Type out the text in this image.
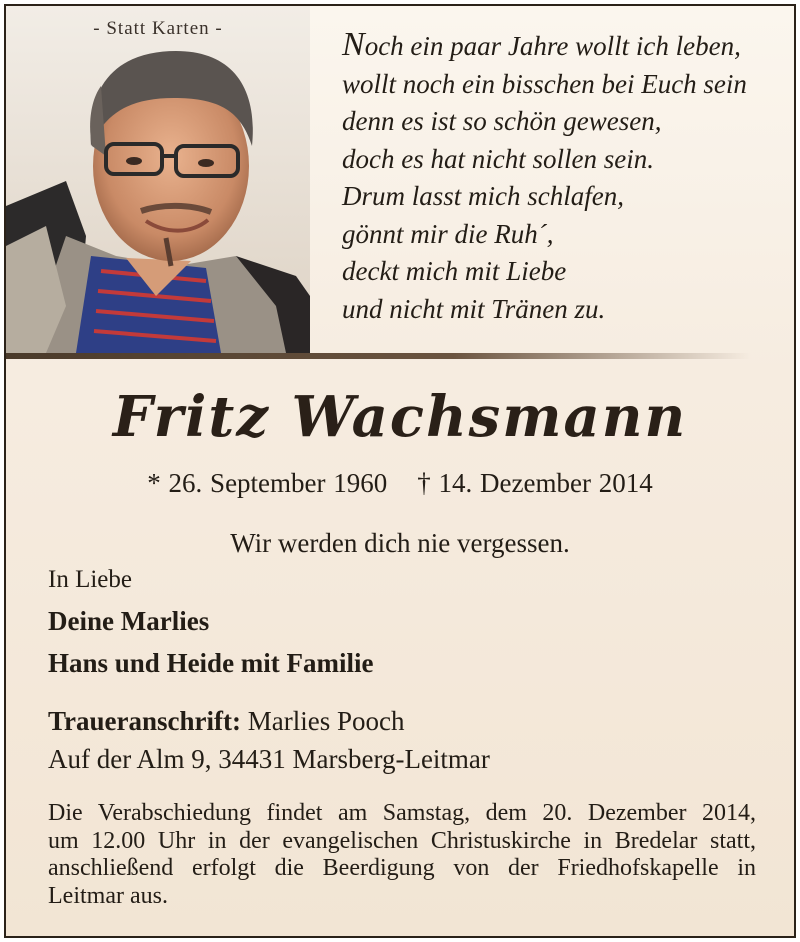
- Statt Karten -	Noch ein paar Jahre wollt ich leben,
wollt noch ein bisschen bei Euch sein
denn es ist so schön gewesen,
doch es hat nicht sollen sein.
Drum lasst mich schlafen,
gönnt mir die Ruh´,
deckt mich mit Liebe
und nicht mit Tränen zu.
Fritz Wachsmann
* 26. September 1960 † 14. Dezember 2014
Wir werden dich nie vergessen.
In Liebe
Deine Marlies
Hans und Heide mit Familie
Traueranschrift: Marlies Pooch
Auf der Alm 9, 34431 Marsberg-Leitmar
Die Verabschiedung findet am Samstag, dem 20. Dezember 2014,
um 12.00 Uhr in der evangelischen Christuskirche in Bredelar statt,
anschließend erfolgt die Beerdigung von der Friedhofskapelle in
Leitmar aus.
